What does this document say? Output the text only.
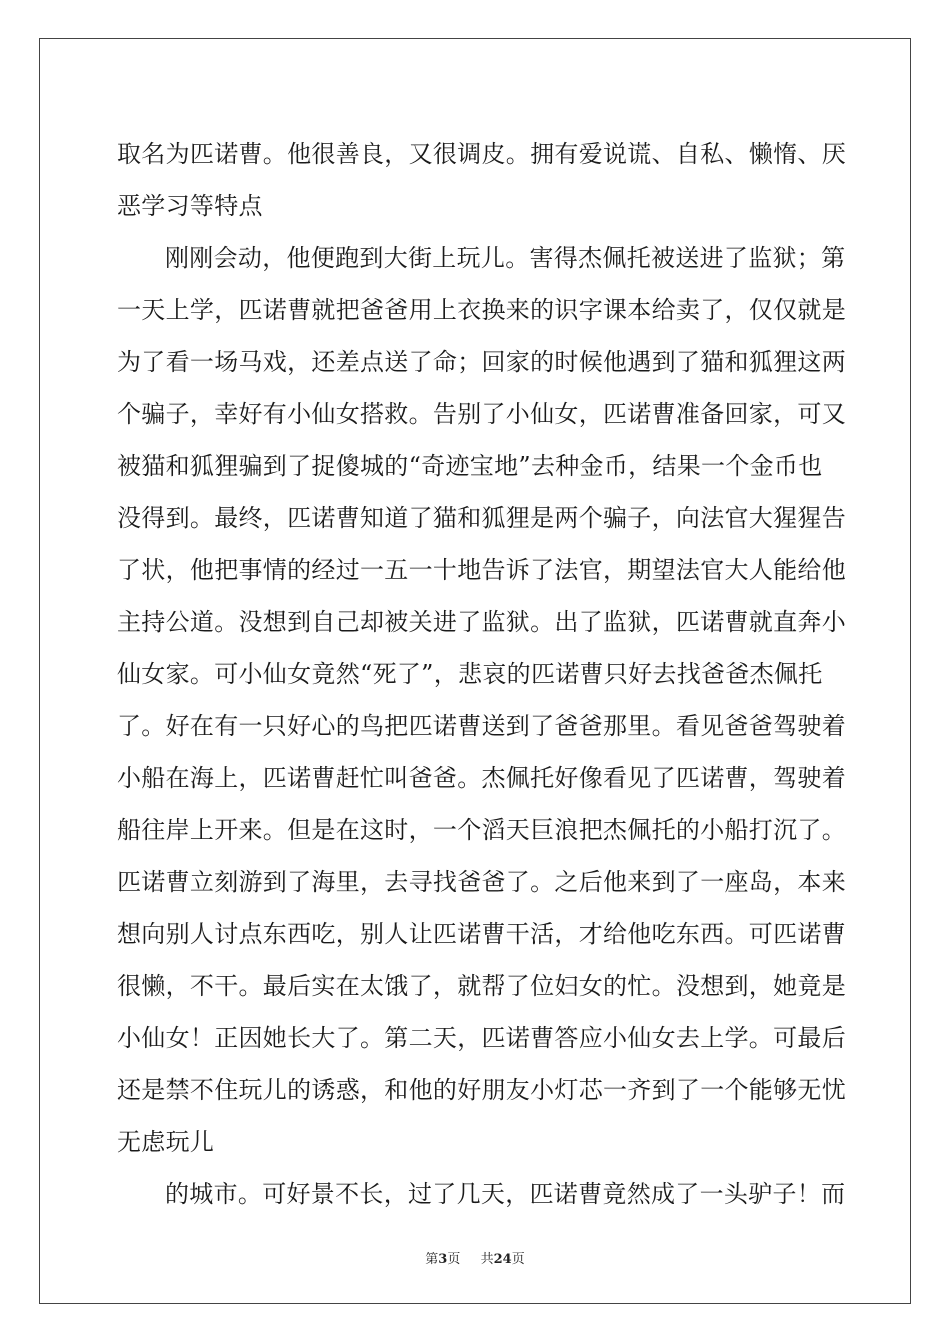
取名为匹诺曹。他很善良，又很调皮。拥有爱说谎、自私、懒惰、厌
恶学习等特点
刚刚会动，他便跑到大街上玩儿。害得杰佩托被送进了监狱；第
一天上学，匹诺曹就把爸爸用上衣换来的识字课本给卖了，仅仅就是
为了看一场马戏，还差点送了命；回家的时候他遇到了猫和狐狸这两
个骗子，幸好有小仙女搭救。告别了小仙女，匹诺曹准备回家，可又
被猫和狐狸骗到了捉傻城的“奇迹宝地”去种金币，结果一个金币也
没得到。最终，匹诺曹知道了猫和狐狸是两个骗子，向法官大猩猩告
了状，他把事情的经过一五一十地告诉了法官，期望法官大人能给他
主持公道。没想到自己却被关进了监狱。出了监狱，匹诺曹就直奔小
仙女家。可小仙女竟然“死了”，悲哀的匹诺曹只好去找爸爸杰佩托
了。好在有一只好心的鸟把匹诺曹送到了爸爸那里。看见爸爸驾驶着
小船在海上，匹诺曹赶忙叫爸爸。杰佩托好像看见了匹诺曹，驾驶着
船往岸上开来。但是在这时，一个滔天巨浪把杰佩托的小船打沉了。
匹诺曹立刻游到了海里，去寻找爸爸了。之后他来到了一座岛，本来
想向别人讨点东西吃，别人让匹诺曹干活，才给他吃东西。可匹诺曹
很懒，不干。最后实在太饿了，就帮了位妇女的忙。没想到，她竟是
小仙女！正因她长大了。第二天，匹诺曹答应小仙女去上学。可最后
还是禁不住玩儿的诱惑，和他的好朋友小灯芯一齐到了一个能够无忧
无虑玩儿
的城市。可好景不长，过了几天，匹诺曹竟然成了一头驴子！而
第3页 共24页
